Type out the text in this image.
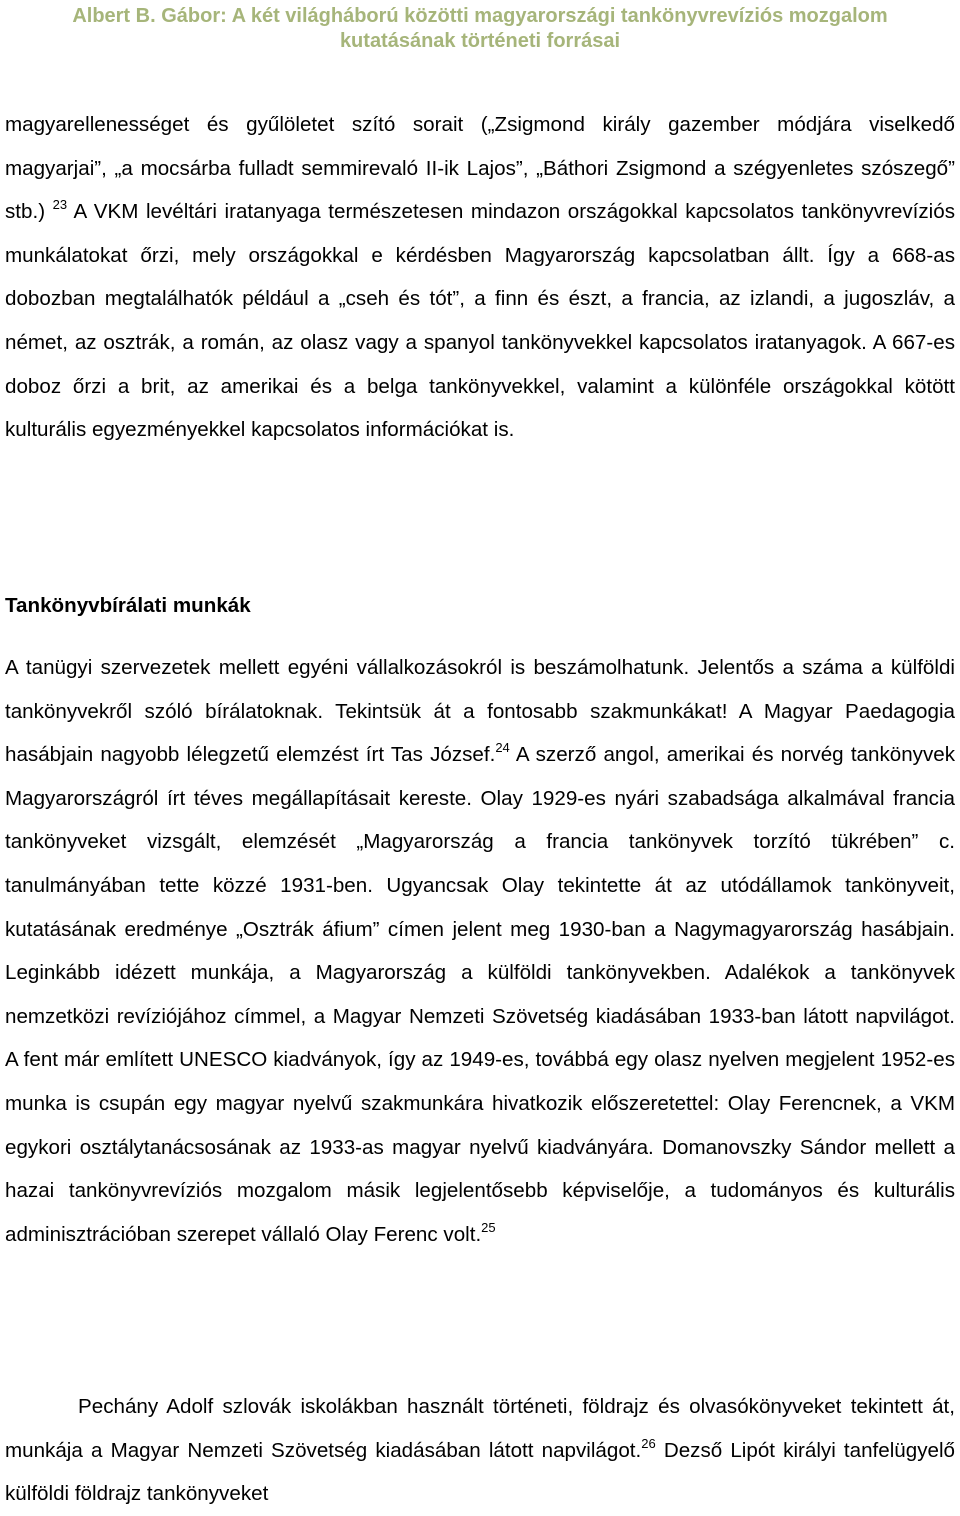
Albert B. Gábor: A két világháború közötti magyarországi tankönyvrevíziós mozgalom
kutatásának történeti forrásai

magyarellenességet és gyűlöletet szító sorait („Zsigmond király gazember módjára viselkedő magyarjai”, „a mocsárba fulladt semmirevaló II-ik Lajos”, „Báthori Zsigmond a szégyenletes szószegő” stb.) $^{23}$ A VKM levéltári iratanyaga természetesen mindazon országokkal kapcsolatos tankönyvrevíziós munkálatokat őrzi, mely országokkal e kérdésben Magyarország kapcsolatban állt. Így a 668-as dobozban megtalálhatók például a „cseh és tót”, a finn és észt, a francia, az izlandi, a jugoszláv, a német, az osztrák, a román, az olasz vagy a spanyol tankönyvekkel kapcsolatos iratanyagok. A 667-es doboz őrzi a brit, az amerikai és a belga tankönyvekkel, valamint a különféle országokkal kötött kulturális egyezményekkel kapcsolatos információkat is.

Tankönyvbírálati munkák

A tanügyi szervezetek mellett egyéni vállalkozásokról is beszámolhatunk. Jelentős a száma a külföldi tankönyvekről szóló bírálatoknak. Tekintsük át a fontosabb szakmunkákat! A Magyar Paedagogia hasábjain nagyobb lélegzetű elemzést írt Tas József.$^{24}$ A szerző angol, amerikai és norvég tankönyvek Magyarországról írt téves megállapításait kereste. Olay 1929-es nyári szabadsága alkalmával francia tankönyveket vizsgált, elemzését „Magyarország a francia tankönyvek torzító tükrében” c. tanulmányában tette közzé 1931-ben. Ugyancsak Olay tekintette át az utódállamok tankönyveit, kutatásának eredménye „Osztrák áfium” címen jelent meg 1930-ban a Nagymagyarország hasábjain. Leginkább idézett munkája, a Magyarország a külföldi tankönyvekben. Adalékok a tankönyvek nemzetközi revíziójához címmel, a Magyar Nemzeti Szövetség kiadásában 1933-ban látott napvilágot. A fent már említett UNESCO kiadványok, így az 1949-es, továbbá egy olasz nyelven megjelent 1952-es munka is csupán egy magyar nyelvű szakmunkára hivatkozik előszeretettel: Olay Ferencnek, a VKM egykori osztálytanácsosának az 1933-as magyar nyelvű kiadványára. Domanovszky Sándor mellett a hazai tankönyvrevíziós mozgalom másik legjelentősebb képviselője, a tudományos és kulturális adminisztrációban szerepet vállaló Olay Ferenc volt.$^{25}$

Pechány Adolf szlovák iskolákban használt történeti, földrajz és olvasókönyveket tekintett át, munkája a Magyar Nemzeti Szövetség kiadásában látott napvilágot.$^{26}$ Dezső Lipót királyi tanfelügyelő külföldi földrajz tankönyveket
